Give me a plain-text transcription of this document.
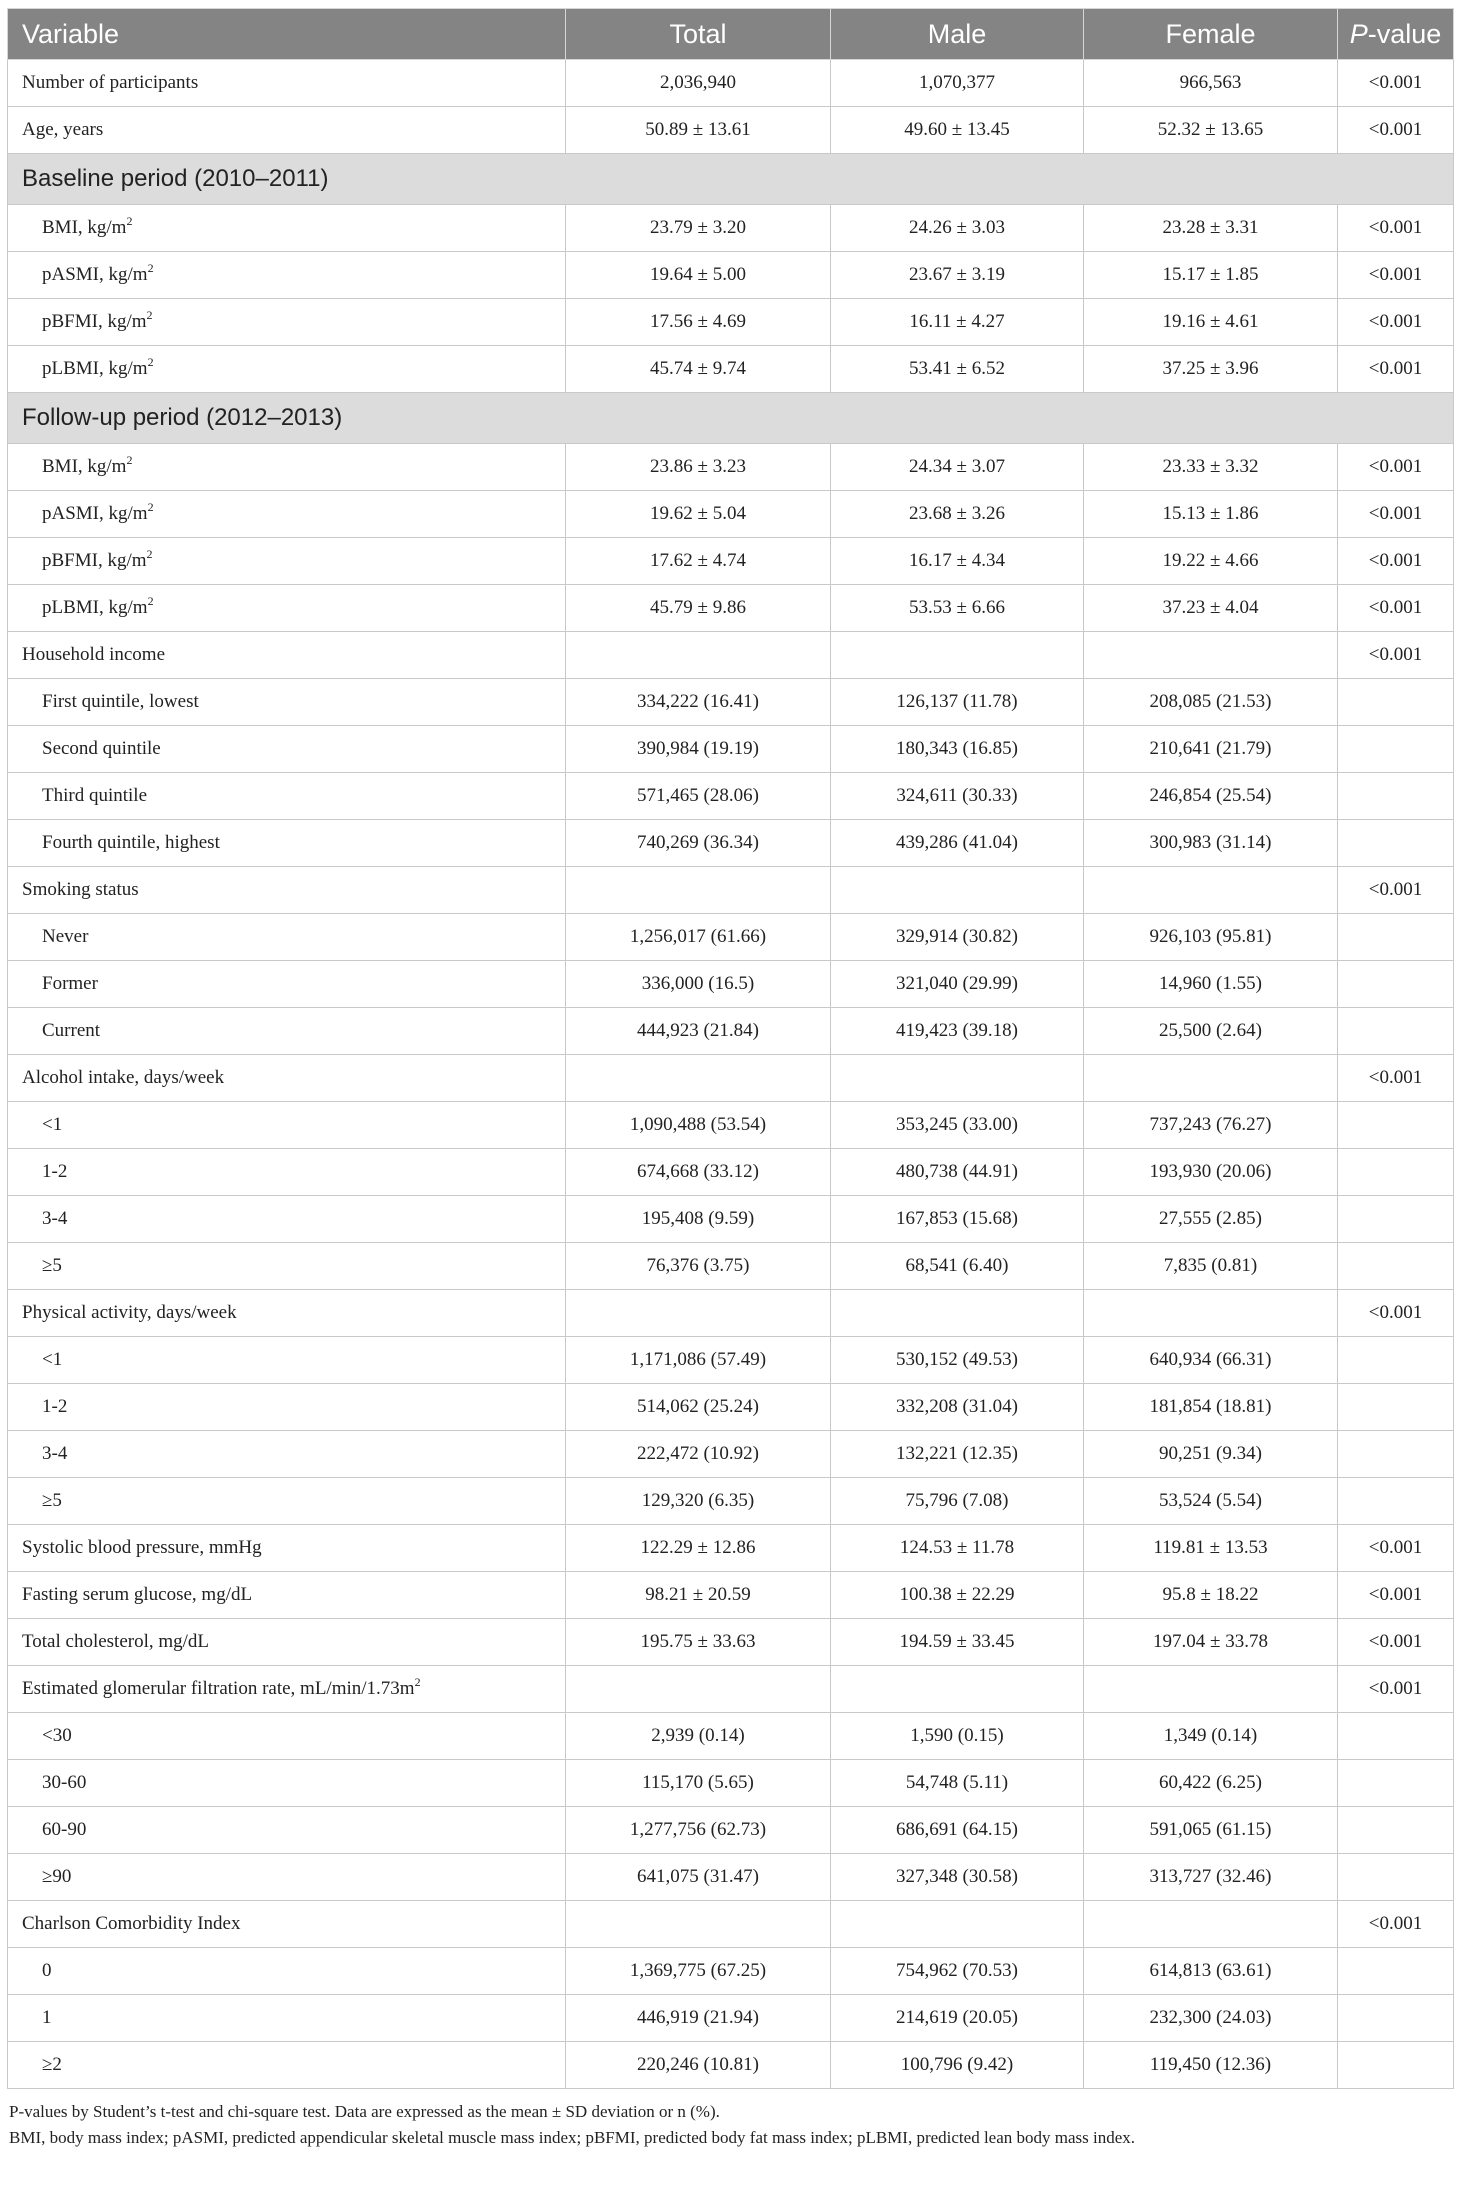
Variable	Total	Male	Female	P-value
Number of participants	2,036,940	1,070,377	966,563	<0.001
Age, years	50.89 ± 13.61	49.60 ± 13.45	52.32 ± 13.65	<0.001
Baseline period (2010–2011)				
BMI, $kg/m^2$	23.79 ± 3.20	24.26 ± 3.03	23.28 ± 3.31	<0.001
pASMI, $kg/m^2$	19.64 ± 5.00	23.67 ± 3.19	15.17 ± 1.85	<0.001
pBFMI, $kg/m^2$	17.56 ± 4.69	16.11 ± 4.27	19.16 ± 4.61	<0.001
pLBMI, $kg/m^2$	45.74 ± 9.74	53.41 ± 6.52	37.25 ± 3.96	<0.001
Follow-up period (2012–2013)				
BMI, $kg/m^2$	23.86 ± 3.23	24.34 ± 3.07	23.33 ± 3.32	<0.001
pASMI, $kg/m^2$	19.62 ± 5.04	23.68 ± 3.26	15.13 ± 1.86	<0.001
pBFMI, $kg/m^2$	17.62 ± 4.74	16.17 ± 4.34	19.22 ± 4.66	<0.001
pLBMI, $kg/m^2$	45.79 ± 9.86	53.53 ± 6.66	37.23 ± 4.04	<0.001
Household income				<0.001
First quintile, lowest	334,222 (16.41)	126,137 (11.78)	208,085 (21.53)	
Second quintile	390,984 (19.19)	180,343 (16.85)	210,641 (21.79)	
Third quintile	571,465 (28.06)	324,611 (30.33)	246,854 (25.54)	
Fourth quintile, highest	740,269 (36.34)	439,286 (41.04)	300,983 (31.14)	
Smoking status				<0.001
Never	1,256,017 (61.66)	329,914 (30.82)	926,103 (95.81)	
Former	336,000 (16.5)	321,040 (29.99)	14,960 (1.55)	
Current	444,923 (21.84)	419,423 (39.18)	25,500 (2.64)	
Alcohol intake, days/week				<0.001
<1	1,090,488 (53.54)	353,245 (33.00)	737,243 (76.27)	
1-2	674,668 (33.12)	480,738 (44.91)	193,930 (20.06)	
3-4	195,408 (9.59)	167,853 (15.68)	27,555 (2.85)	
≥5	76,376 (3.75)	68,541 (6.40)	7,835 (0.81)	
Physical activity, days/week				<0.001
<1	1,171,086 (57.49)	530,152 (49.53)	640,934 (66.31)	
1-2	514,062 (25.24)	332,208 (31.04)	181,854 (18.81)	
3-4	222,472 (10.92)	132,221 (12.35)	90,251 (9.34)	
≥5	129,320 (6.35)	75,796 (7.08)	53,524 (5.54)	
Systolic blood pressure, mmHg	122.29 ± 12.86	124.53 ± 11.78	119.81 ± 13.53	<0.001
Fasting serum glucose, mg/dL	98.21 ± 20.59	100.38 ± 22.29	95.8 ± 18.22	<0.001
Total cholesterol, mg/dL	195.75 ± 33.63	194.59 ± 33.45	197.04 ± 33.78	<0.001
Estimated glomerular filtration rate, $mL/\min/1.73m^2$				<0.001
<30	2,939 (0.14)	1,590 (0.15)	1,349 (0.14)	
30-60	115,170 (5.65)	54,748 (5.11)	60,422 (6.25)	
60-90	1,277,756 (62.73)	686,691 (64.15)	591,065 (61.15)	
≥90	641,075 (31.47)	327,348 (30.58)	313,727 (32.46)	
Charlson Comorbidity Index				<0.001
0	1,369,775 (67.25)	754,962 (70.53)	614,813 (63.61)	
1	446,919 (21.94)	214,619 (20.05)	232,300 (24.03)	
≥2	220,246 (10.81)	100,796 (9.42)	119,450 (12.36)	
P-values by Student’s t-test and chi-square test. Data are expressed as the mean ± SD deviation or n (%).
BMI, body mass index; pASMI, predicted appendicular skeletal muscle mass index; pBFMI, predicted body fat mass index; pLBMI, predicted lean body mass index.
